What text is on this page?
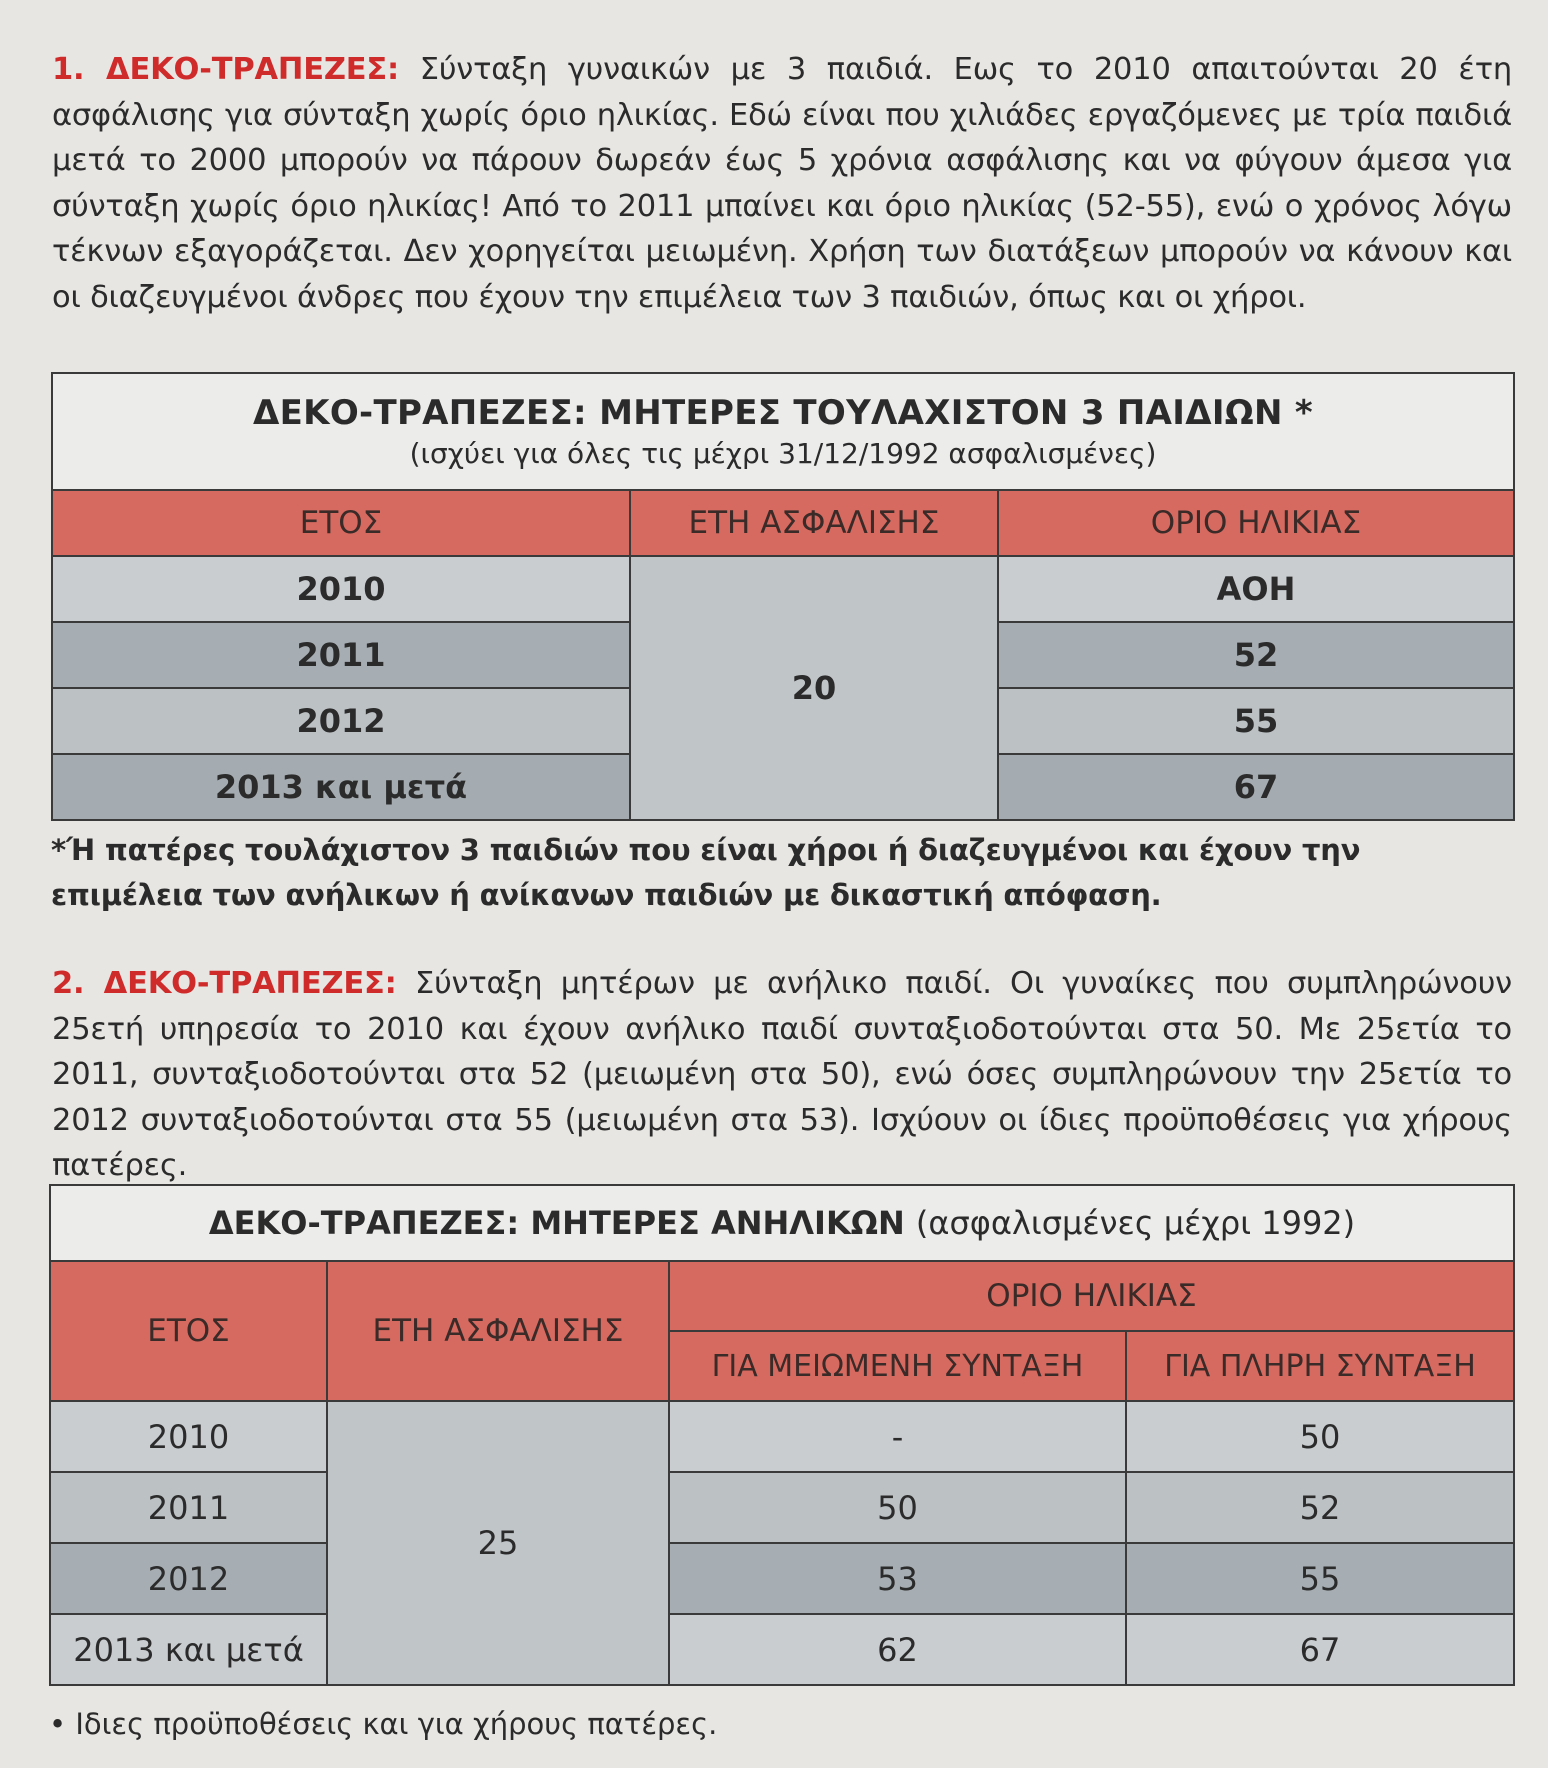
1. ΔΕΚΟ-ΤΡΑΠΕΖΕΣ: Σύνταξη γυναικών με 3 παιδιά. Εως το 2010 απαιτούνται 20 έτη ασφάλισης για σύνταξη χωρίς όριο ηλικίας. Εδώ είναι που χιλιάδες εργαζόμενες με τρία παιδιά μετά το 2000 μπορούν να πάρουν δωρεάν έως 5 χρόνια ασφάλισης και να φύγουν άμεσα για σύνταξη χωρίς όριο ηλικίας! Από το 2011 μπαίνει και όριο ηλικίας (52-55), ενώ ο χρόνος λόγω τέκνων εξαγοράζεται. Δεν χορηγείται μειωμένη. Χρήση των διατάξεων μπορούν να κάνουν και οι διαζευγμένοι άνδρες που έχουν την επιμέλεια των 3 παιδιών, όπως και οι χήροι.
ΔΕΚΟ-ΤΡΑΠΕΖΕΣ: ΜΗΤΕΡΕΣ ΤΟΥΛΑΧΙΣΤΟΝ 3 ΠΑΙΔΙΩΝ *
(ισχύει για όλες τις μέχρι 31/12/1992 ασφαλισμένες)		

ΕΤΟΣ	ΕΤΗ ΑΣΦΑΛΙΣΗΣ	ΟΡΙΟ ΗΛΙΚΙΑΣ
2010	20	ΑΟΗ
2011		52
2012		55
2013 και μετά		67
*Ή πατέρες τουλάχιστον 3 παιδιών που είναι χήροι ή διαζευγμένοι και έχουν την επιμέλεια των ανήλικων ή ανίκανων παιδιών με δικαστική απόφαση.
2. ΔΕΚΟ-ΤΡΑΠΕΖΕΣ: Σύνταξη μητέρων με ανήλικο παιδί. Οι γυναίκες που συμπληρώνουν 25ετή υπηρεσία το 2010 και έχουν ανήλικο παιδί συνταξιοδοτούνται στα 50. Με 25ετία το 2011, συνταξιοδοτούνται στα 52 (μειωμένη στα 50), ενώ όσες συμπληρώνουν την 25ετία το 2012 συνταξιοδοτούνται στα 55 (μειωμένη στα 53). Ισχύουν οι ίδιες προϋποθέσεις για χήρους πατέρες.
ΔΕΚΟ-ΤΡΑΠΕΖΕΣ: ΜΗΤΕΡΕΣ ΑΝΗΛΙΚΩΝ (ασφαλισμένες μέχρι 1992)			
ΕΤΟΣ	ΕΤΗ ΑΣΦΑΛΙΣΗΣ	ΟΡΙΟ ΗΛΙΚΙΑΣ	
		ΓΙΑ ΜΕΙΩΜΕΝΗ ΣΥΝΤΑΞΗ	ΓΙΑ ΠΛΗΡΗ ΣΥΝΤΑΞΗ
2010	25	-	50
2011		50	52
2012		53	55
2013 και μετά		62	67
• Ιδιες προϋποθέσεις και για χήρους πατέρες.
